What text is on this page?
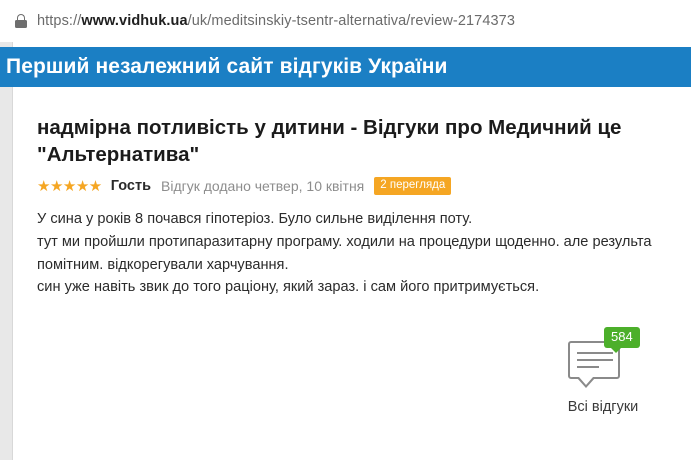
https://www.vidhuk.ua/uk/meditsinskiy-tsentr-alternativa/review-2174373
Перший незалежний сайт відгуків України
надмірна потливість у дитини - Відгуки про Медичний це
"Альтернатива"
★★★★★ Гость Відгук додано четвер, 10 квітня	2 перегляда

У сина у років 8 почався гіпотеріоз. Було сильне виділення поту.

тут ми пройшли протипаразитарну програму. ходили на процедури щоденно. але результа

помітним. відкорегували харчування.

син уже навіть звик до того раціону, який зараз. і сам його притримується.

584
Всі відгуки
